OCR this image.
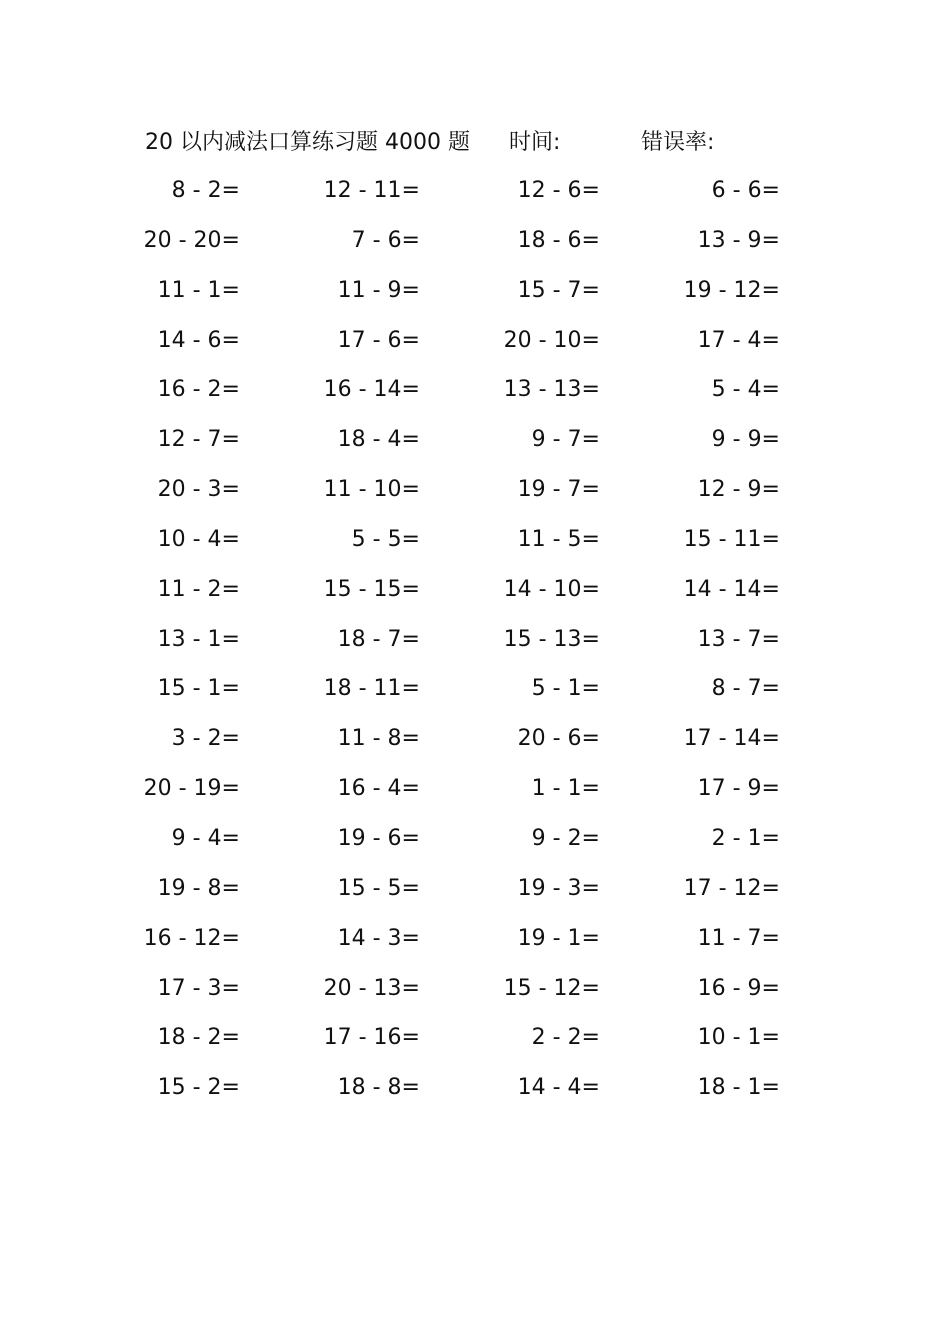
20 以内减法口算练习题 4000 题 时间:	错误率:
8 - 2=	12 - 11=	12 - 6=	6 - 6=
20 - 20=	7 - 6=	18 - 6=	13 - 9=
11 - 1=	11 - 9=	15 - 7=	19 - 12=
14 - 6=	17 - 6=	20 - 10=	17 - 4=
16 - 2=	16 - 14=	13 - 13=	5 - 4=
12 - 7=	18 - 4=	9 - 7=	9 - 9=
20 - 3=	11 - 10=	19 - 7=	12 - 9=
10 - 4=	5 - 5=	11 - 5=	15 - 11=
11 - 2=	15 - 15=	14 - 10=	14 - 14=
13 - 1=	18 - 7=	15 - 13=	13 - 7=
15 - 1=	18 - 11=	5 - 1=	8 - 7=
3 - 2=	11 - 8=	20 - 6=	17 - 14=
20 - 19=	16 - 4=	1 - 1=	17 - 9=
9 - 4=	19 - 6=	9 - 2=	2 - 1=
19 - 8=	15 - 5=	19 - 3=	17 - 12=
16 - 12=	14 - 3=	19 - 1=	11 - 7=
17 - 3=	20 - 13=	15 - 12=	16 - 9=
18 - 2=	17 - 16=	2 - 2=	10 - 1=
15 - 2=	18 - 8=	14 - 4=	18 - 1=
